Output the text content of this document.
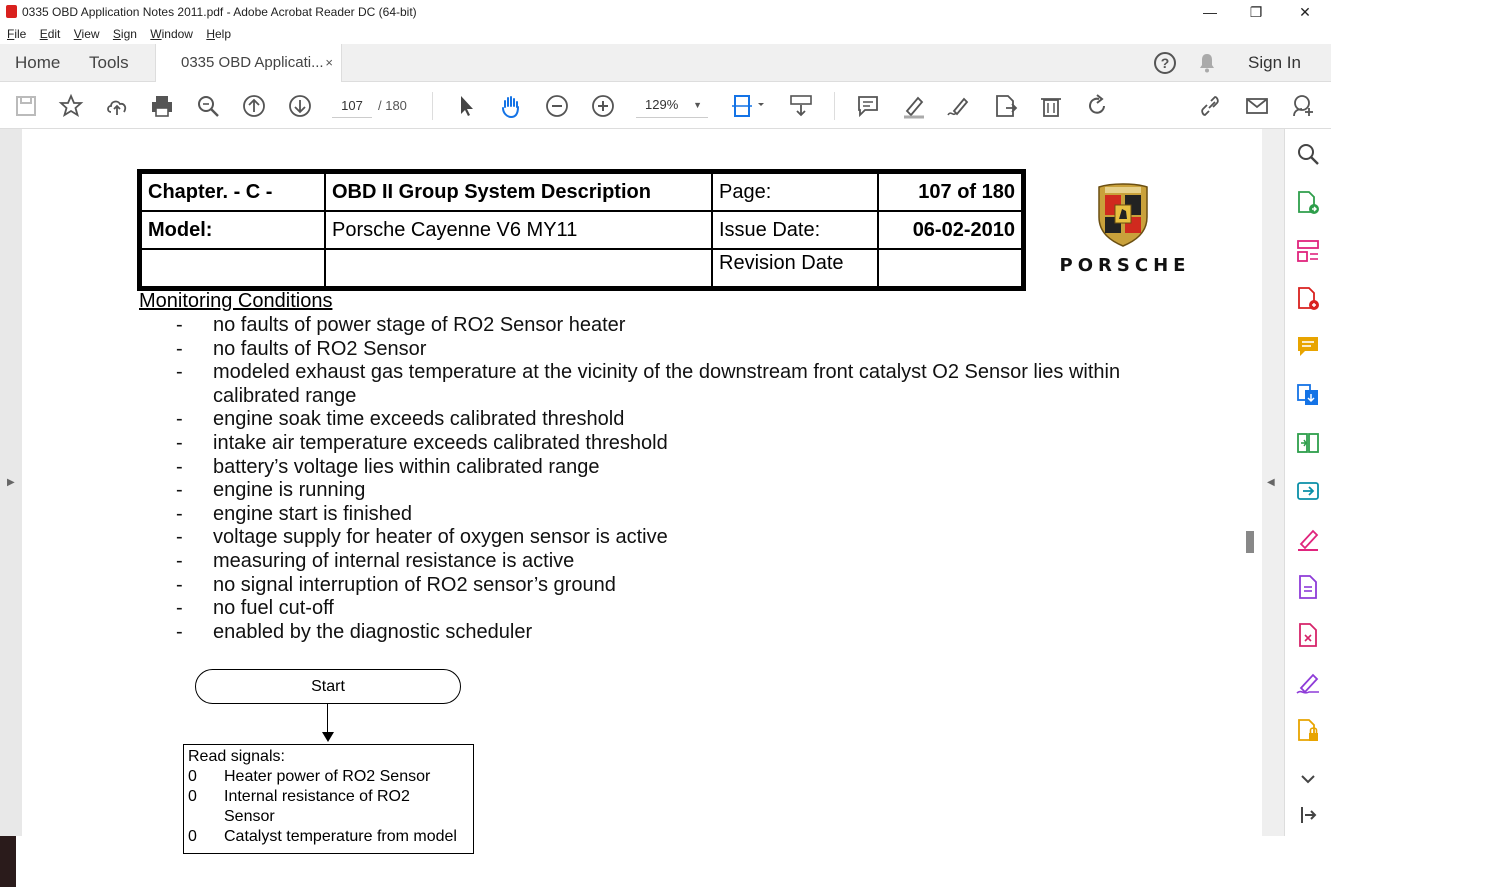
0335 OBD Application Notes 2011.pdf - Adobe Acrobat Reader DC (64-bit)	—	❐	✕
File Edit View Sign Window Help
Home Tools	0335 OBD Applicati... ×	?	Sign In
107
/ 180	129% ▼
▶
Chapter. - C -	OBD II Group System Description	Page:	107 of 180
Model:	Porsche Cayenne V6 MY11	Issue Date:	06-02-2010
		Revision Date		PORSCHE
Monitoring Conditions
- no faults of power stage of RO2 Sensor heater
- no faults of RO2 Sensor
- modeled exhaust gas temperature at the vicinity of the downstream front catalyst O2 Sensor lies within
calibrated range
- engine soak time exceeds calibrated threshold
- intake air temperature exceeds calibrated threshold
- battery’s voltage lies within calibrated range
- engine is running
- engine start is finished
- voltage supply for heater of oxygen sensor is active
- measuring of internal resistance is active
- no signal interruption of RO2 sensor’s ground
- no fuel cut-off
- enabled by the diagnostic scheduler
Start
Read signals:
0 Heater power of RO2 Sensor
0 Internal resistance of RO2
Sensor
0 Catalyst temperature from model
◀
